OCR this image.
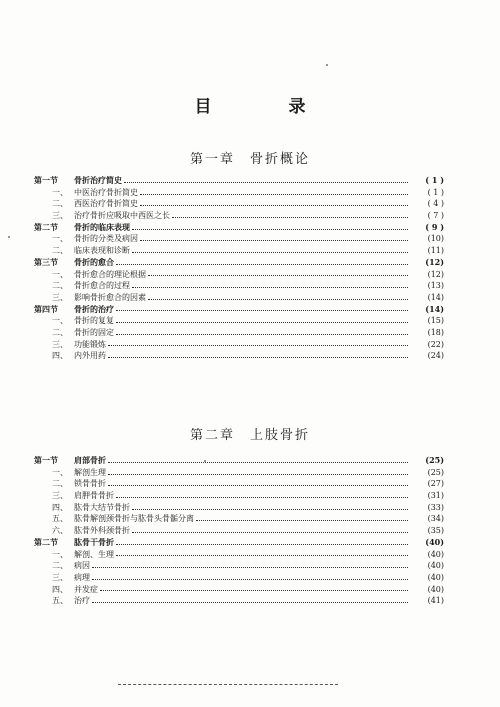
目　录
第一章　骨折概论
第一节	骨折治疗简史	( 1 )
一、 中医治疗骨折简史	( 1 )
二、 西医治疗骨折简史	( 4 )
三、 治疗骨折应吸取中西医之长	( 7 )
第二节	骨折的临床表现	( 9 )
一、 骨折的分类及病因	(10)
二、 临床表现和诊断	(11)
第三节	骨折的愈合	(12)
一、 骨折愈合的理论根据	(12)
二、 骨折愈合的过程	(13)
三、 影响骨折愈合的因素	(14)
第四节	骨折的治疗	(14)
一、 骨折的复复	(15)
二、 骨折的固定	(18)
三、 功能锻炼	(22)
四、 内外用药	(24)
第二章　上肢骨折
第一节	肩部骨折	(25)
一、 解剖生理	(25)
二、 锁骨骨折	(27)
三、 肩胛骨骨折	(31)
四、 肱骨大结节骨折	(33)
五、 肱骨解剖颈骨折与肱骨头骨骺分离	(34)
六、 肱骨外科颈骨折	(35)
第二节	肱骨干骨折	(40)
一、 解剖、生理	(40)
二、 病因	(40)
三、 病理	(40)
四、 并发症	(40)
五、 治疗	(41)
